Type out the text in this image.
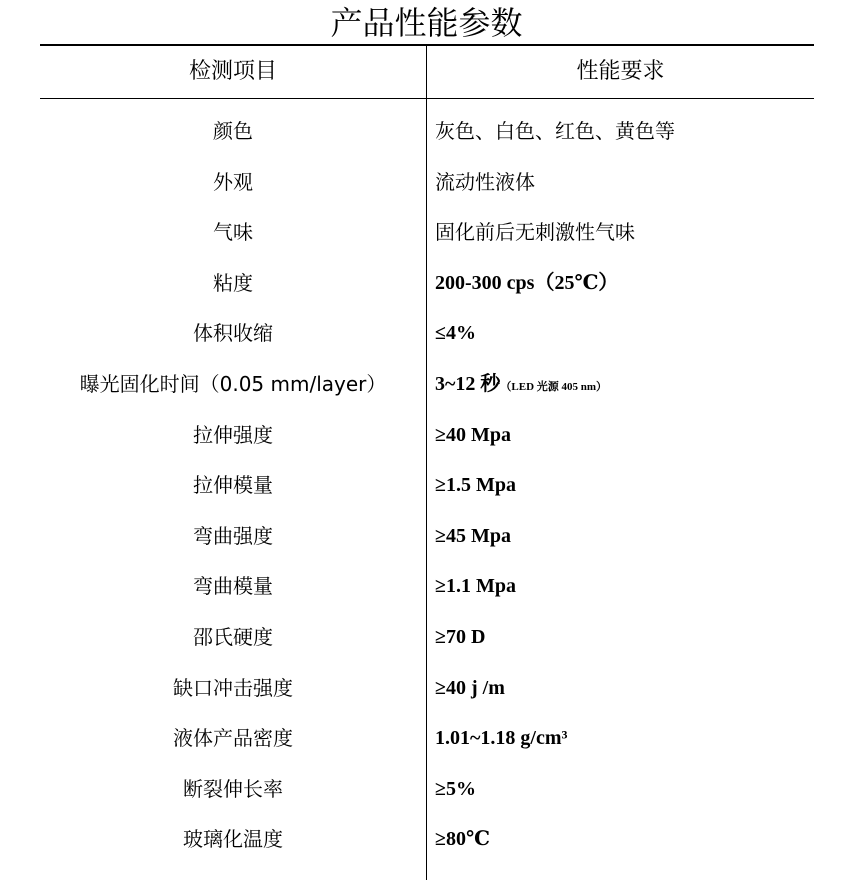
产品性能参数
检测项目	性能要求
颜色	灰色、白色、红色、黄色等
外观	流动性液体
气味	固化前后无刺激性气味
粘度	200-300 cps（25℃）
体积收缩	≤4%
曝光固化时间（0.05 mm/layer）	3~12 秒（LED 光源 405 nm）
拉伸强度	≥40 Mpa
拉伸模量	≥1.5 Mpa
弯曲强度	≥45 Mpa
弯曲模量	≥1.1 Mpa
邵氏硬度	≥70 D
缺口冲击强度	≥40 j /m
液体产品密度	1.01~1.18 g/cm³
断裂伸长率	≥5%
玻璃化温度	≥80℃
